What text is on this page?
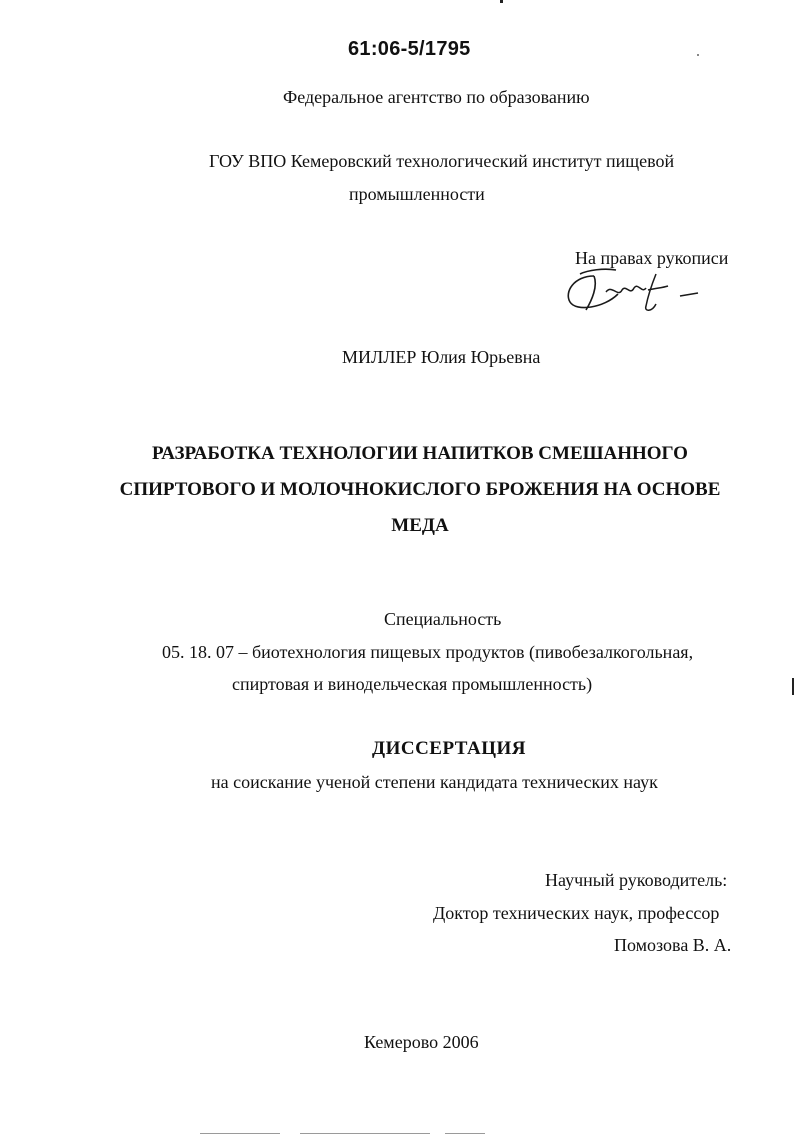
61:06-5/1795
Федеральное агентство по образованию
ГОУ ВПО Кемеровский технологический институт пищевой
промышленности
На правах рукописи
МИЛЛЕР Юлия Юрьевна
РАЗРАБОТКА ТЕХНОЛОГИИ НАПИТКОВ СМЕШАННОГО
СПИРТОВОГО И МОЛОЧНОКИСЛОГО БРОЖЕНИЯ НА ОСНОВЕ
МЕДА
Специальность
05. 18. 07 – биотехнология пищевых продуктов (пивобезалкогольная,
спиртовая и винодельческая промышленность)
ДИССЕРТАЦИЯ
на соискание ученой степени кандидата технических наук
Научный руководитель:
Доктор технических наук, профессор
Помозова В. А.
Кемерово 2006
